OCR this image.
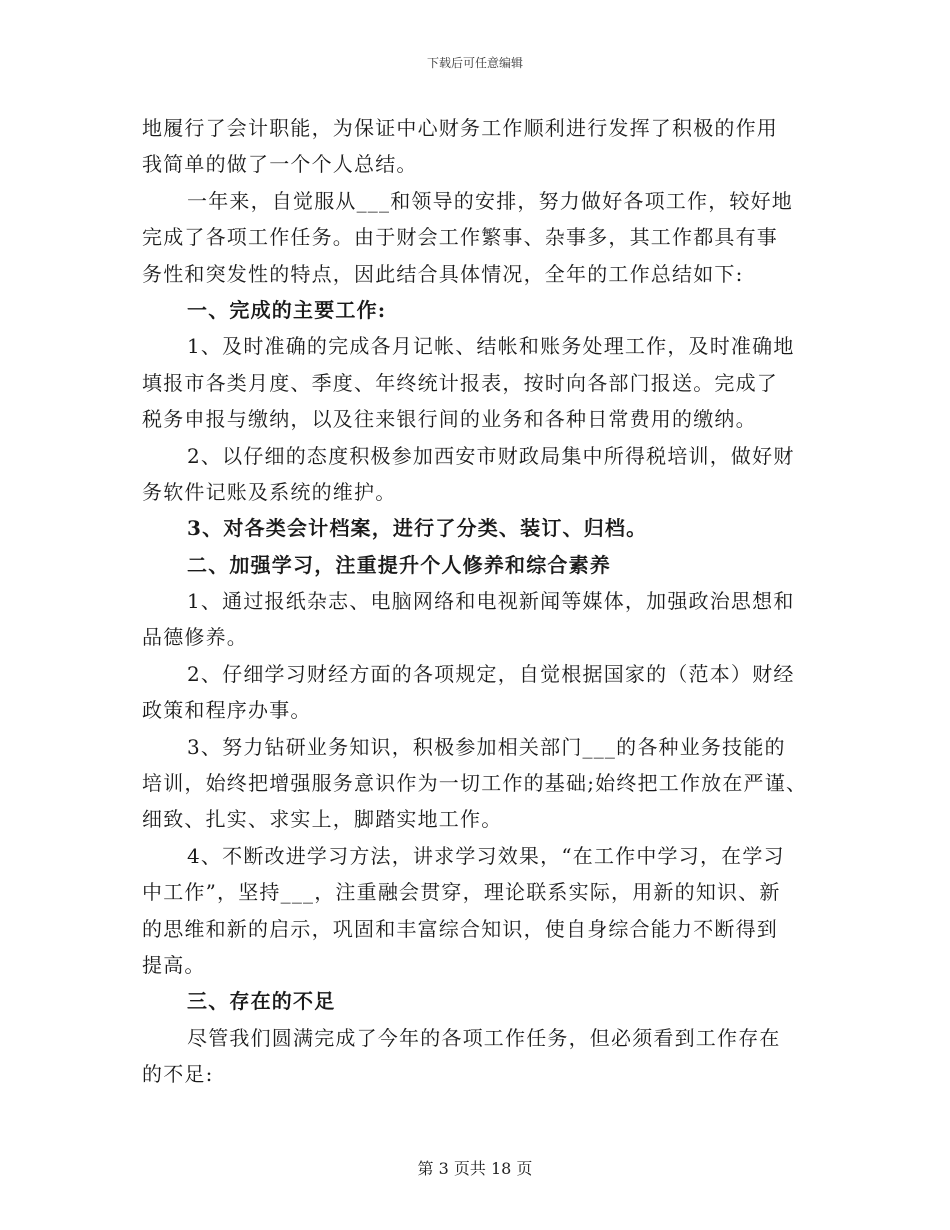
下载后可任意编辑
地履行了会计职能，为保证中心财务工作顺利进行发挥了积极的作用
我简单的做了一个个人总结。
一年来，自觉服从___和领导的安排，努力做好各项工作，较好地
完成了各项工作任务。由于财会工作繁事、杂事多，其工作都具有事
务性和突发性的特点，因此结合具体情况，全年的工作总结如下:
一、完成的主要工作:
1、及时准确的完成各月记帐、结帐和账务处理工作，及时准确地
填报市各类月度、季度、年终统计报表，按时向各部门报送。完成了
税务申报与缴纳，以及往来银行间的业务和各种日常费用的缴纳。
2、以仔细的态度积极参加西安市财政局集中所得税培训，做好财
务软件记账及系统的维护。
3、对各类会计档案，进行了分类、装订、归档。
二、加强学习，注重提升个人修养和综合素养
1、通过报纸杂志、电脑网络和电视新闻等媒体，加强政治思想和
品德修养。
2、仔细学习财经方面的各项规定，自觉根据国家的（范本）财经
政策和程序办事。
3、努力钻研业务知识，积极参加相关部门___的各种业务技能的
培训，始终把增强服务意识作为一切工作的基础;始终把工作放在严谨、
细致、扎实、求实上，脚踏实地工作。
4、不断改进学习方法，讲求学习效果，“在工作中学习，在学习
中工作”，坚持___，注重融会贯穿，理论联系实际，用新的知识、新
的思维和新的启示，巩固和丰富综合知识，使自身综合能力不断得到
提高。
三、存在的不足
尽管我们圆满完成了今年的各项工作任务，但必须看到工作存在
的不足:
第 3 页共 18 页
